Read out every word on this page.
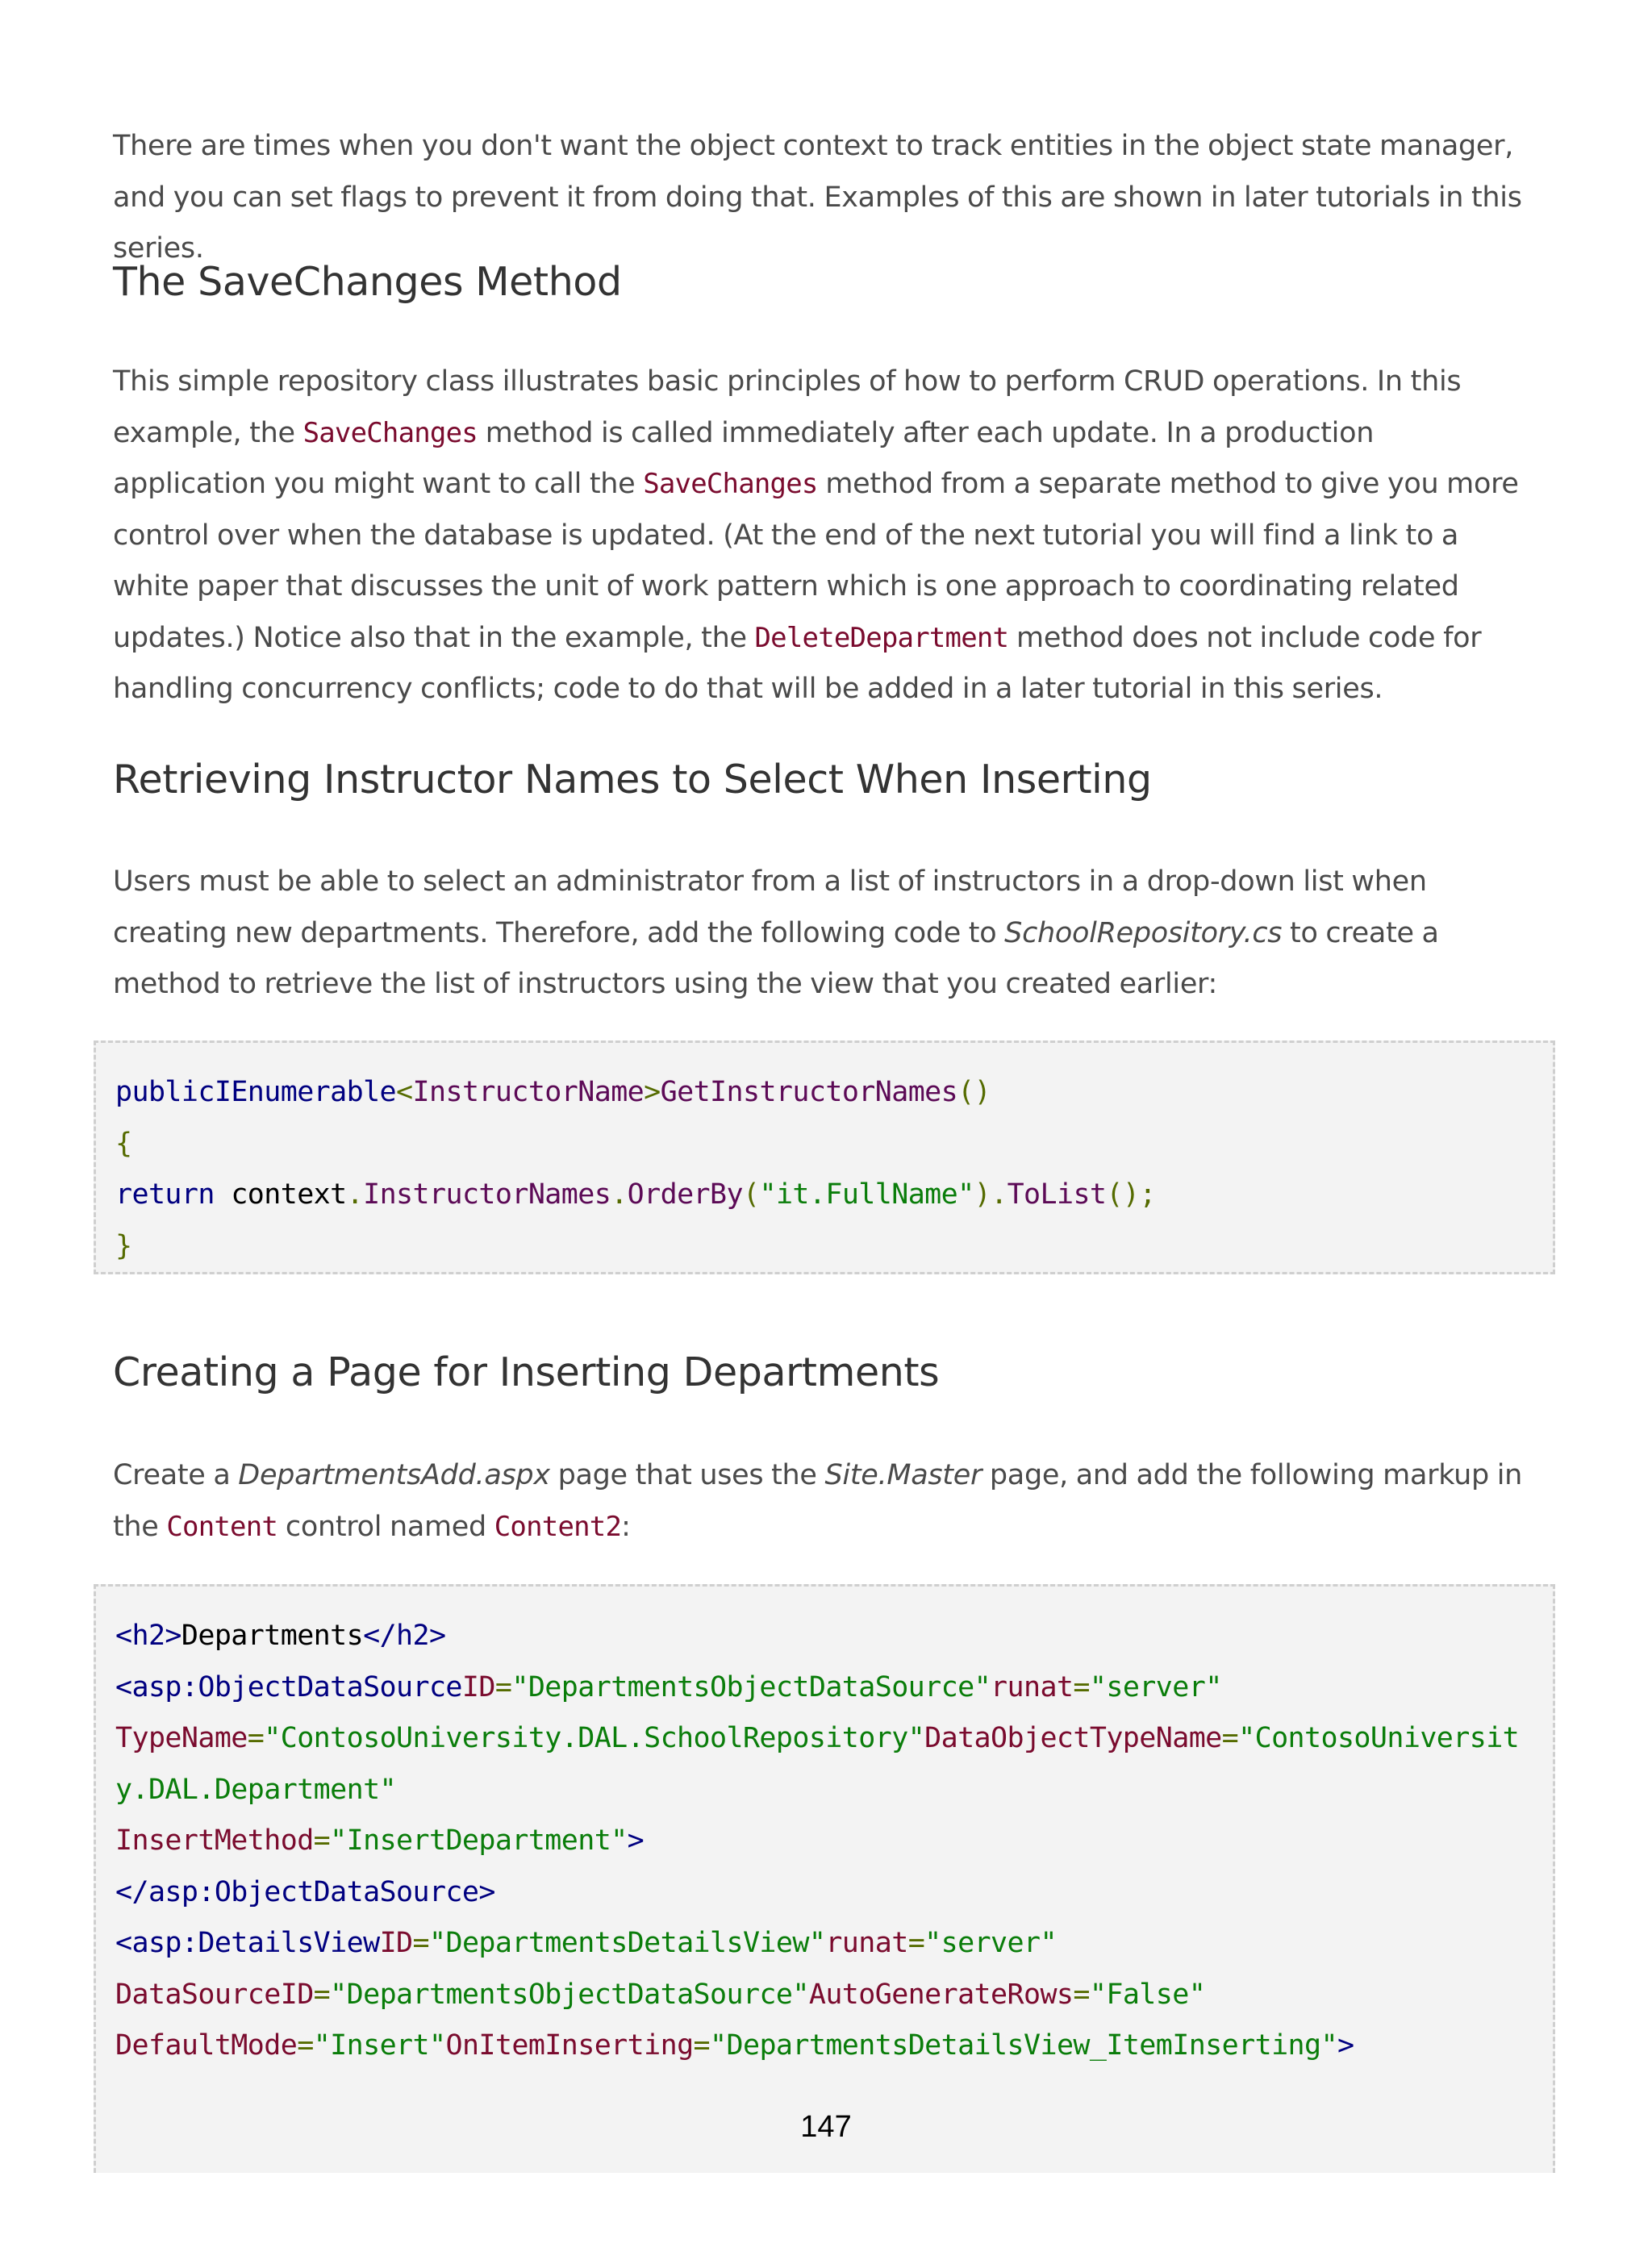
There are times when you don't want the object context to track entities in the object state manager, and you can set flags to prevent it from doing that. Examples of this are shown in later tutorials in this series.

The SaveChanges Method

This simple repository class illustrates basic principles of how to perform CRUD operations. In this example, the SaveChanges method is called immediately after each update. In a production application you might want to call the SaveChanges method from a separate method to give you more control over when the database is updated. (At the end of the next tutorial you will find a link to a white paper that discusses the unit of work pattern which is one approach to coordinating related updates.) Notice also that in the example, the DeleteDepartment method does not include code for handling concurrency conflicts; code to do that will be added in a later tutorial in this series.

Retrieving Instructor Names to Select When Inserting

Users must be able to select an administrator from a list of instructors in a drop-down list when creating new departments. Therefore, add the following code to SchoolRepository.cs to create a method to retrieve the list of instructors using the view that you created earlier:

publicIEnumerable<InstructorName>GetInstructorNames()
{
return context.InstructorNames.OrderBy("it.FullName").ToList();
}
Creating a Page for Inserting Departments

Create a DepartmentsAdd.aspx page that uses the Site.Master page, and add the following markup in the Content control named Content2:

<h2>Departments</h2>
<asp:ObjectDataSourceID="DepartmentsObjectDataSource"runat="server"
TypeName="ContosoUniversity.DAL.SchoolRepository"DataObjectTypeName="ContosoUniversit
y.DAL.Department"
InsertMethod="InsertDepartment">
</asp:ObjectDataSource>
<asp:DetailsViewID="DepartmentsDetailsView"runat="server"
DataSourceID="DepartmentsObjectDataSource"AutoGenerateRows="False"
DefaultMode="Insert"OnItemInserting="DepartmentsDetailsView_ItemInserting">
147
